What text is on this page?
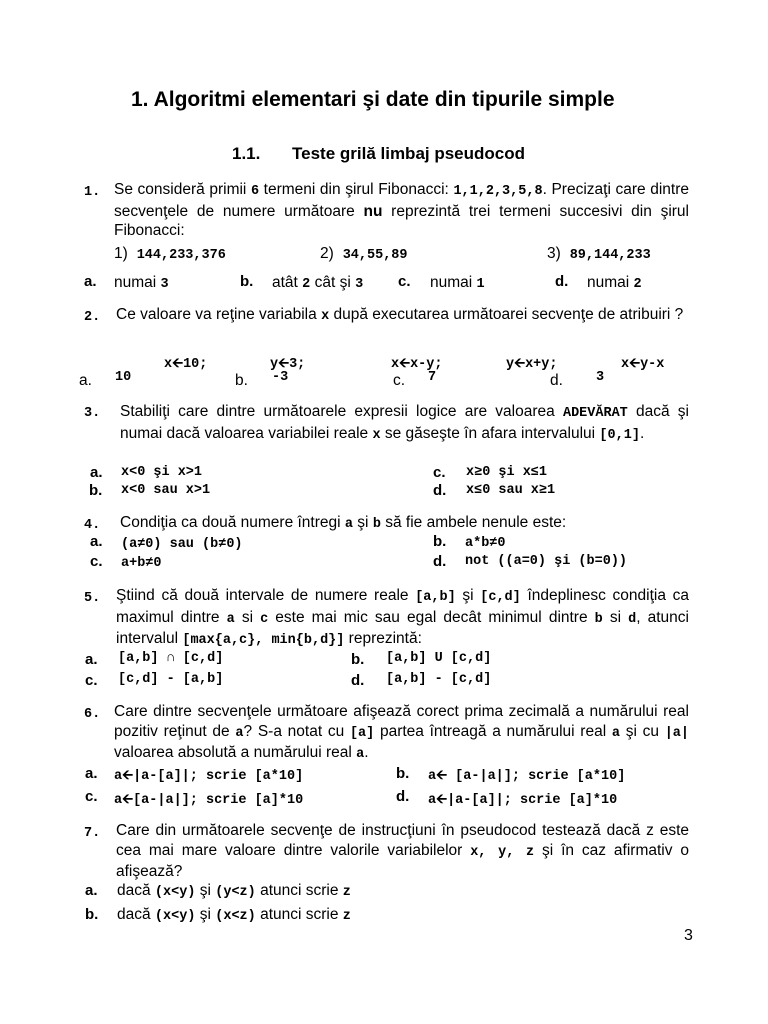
1. Algoritmi elementari şi date din tipurile simple
1.1. Teste grilă limbaj pseudocod
1. Se consideră primii 6 termeni din şirul Fibonacci: 1,1,2,3,5,8. Precizaţi care dintre secvenţele de numere următoare nu reprezintă trei termeni succesivi din şirul Fibonacci:
1) 144,233,376	2) 34,55,89	3) 89,144,233
a. numai 3	b. atât 2 cât şi 3 c. numai 1	d. numai 2
2. Ce valoare va reţine variabila x după executarea următoarei secvenţe de atribuiri ?
x🡨10;	y🡨3;	x🡨x-y;	y🡨x+y;	x🡨y-x
a. 10	b. -3	c. 7	d. 3
3. Stabiliţi care dintre următoarele expresii logice are valoarea ADEVĂRAT dacă şi numai dacă valoarea variabilei reale x se găseşte în afara intervalului [0,1].
a. x<0 şi x>1	c. x≥0 şi x≤1
b. x<0 sau x>1	d. x≤0 sau x≥1
4. Condiţia ca două numere întregi a şi b să fie ambele nenule este:
a. (a≠0) sau (b≠0)	b. a*b≠0
c. a+b≠0	d. not ((a=0) şi (b=0))
5. Ştiind că două intervale de numere reale [a,b] şi [c,d] îndeplinesc condiţia ca maximul dintre a si c este mai mic sau egal decât minimul dintre b si d, atunci intervalul [max{a,c}, min{b,d}] reprezintă:
a. [a,b] ∩ [c,d]	b. [a,b] U [c,d]
c. [c,d] - [a,b]	d. [a,b] - [c,d]
6. Care dintre secvenţele următoare afişează corect prima zecimală a numărului real pozitiv reţinut de a? S-a notat cu [a] partea întreagă a numărului real a şi cu |a| valoarea absolută a numărului real a.
a. a🡨|a-[a]|; scrie [a*10]	b. a🡨 [a-|a|]; scrie [a*10]
c. a🡨[a-|a|]; scrie [a]*10	d. a🡨|a-[a]|; scrie [a]*10
7. Care din următoarele secvenţe de instrucţiuni în pseudocod testează dacă z este cea mai mare valoare dintre valorile variabilelor x, y, z şi în caz afirmativ o afişează?
a. dacă (x<y) şi (y<z) atunci scrie z
b. dacă (x<y) şi (x<z) atunci scrie z
3
